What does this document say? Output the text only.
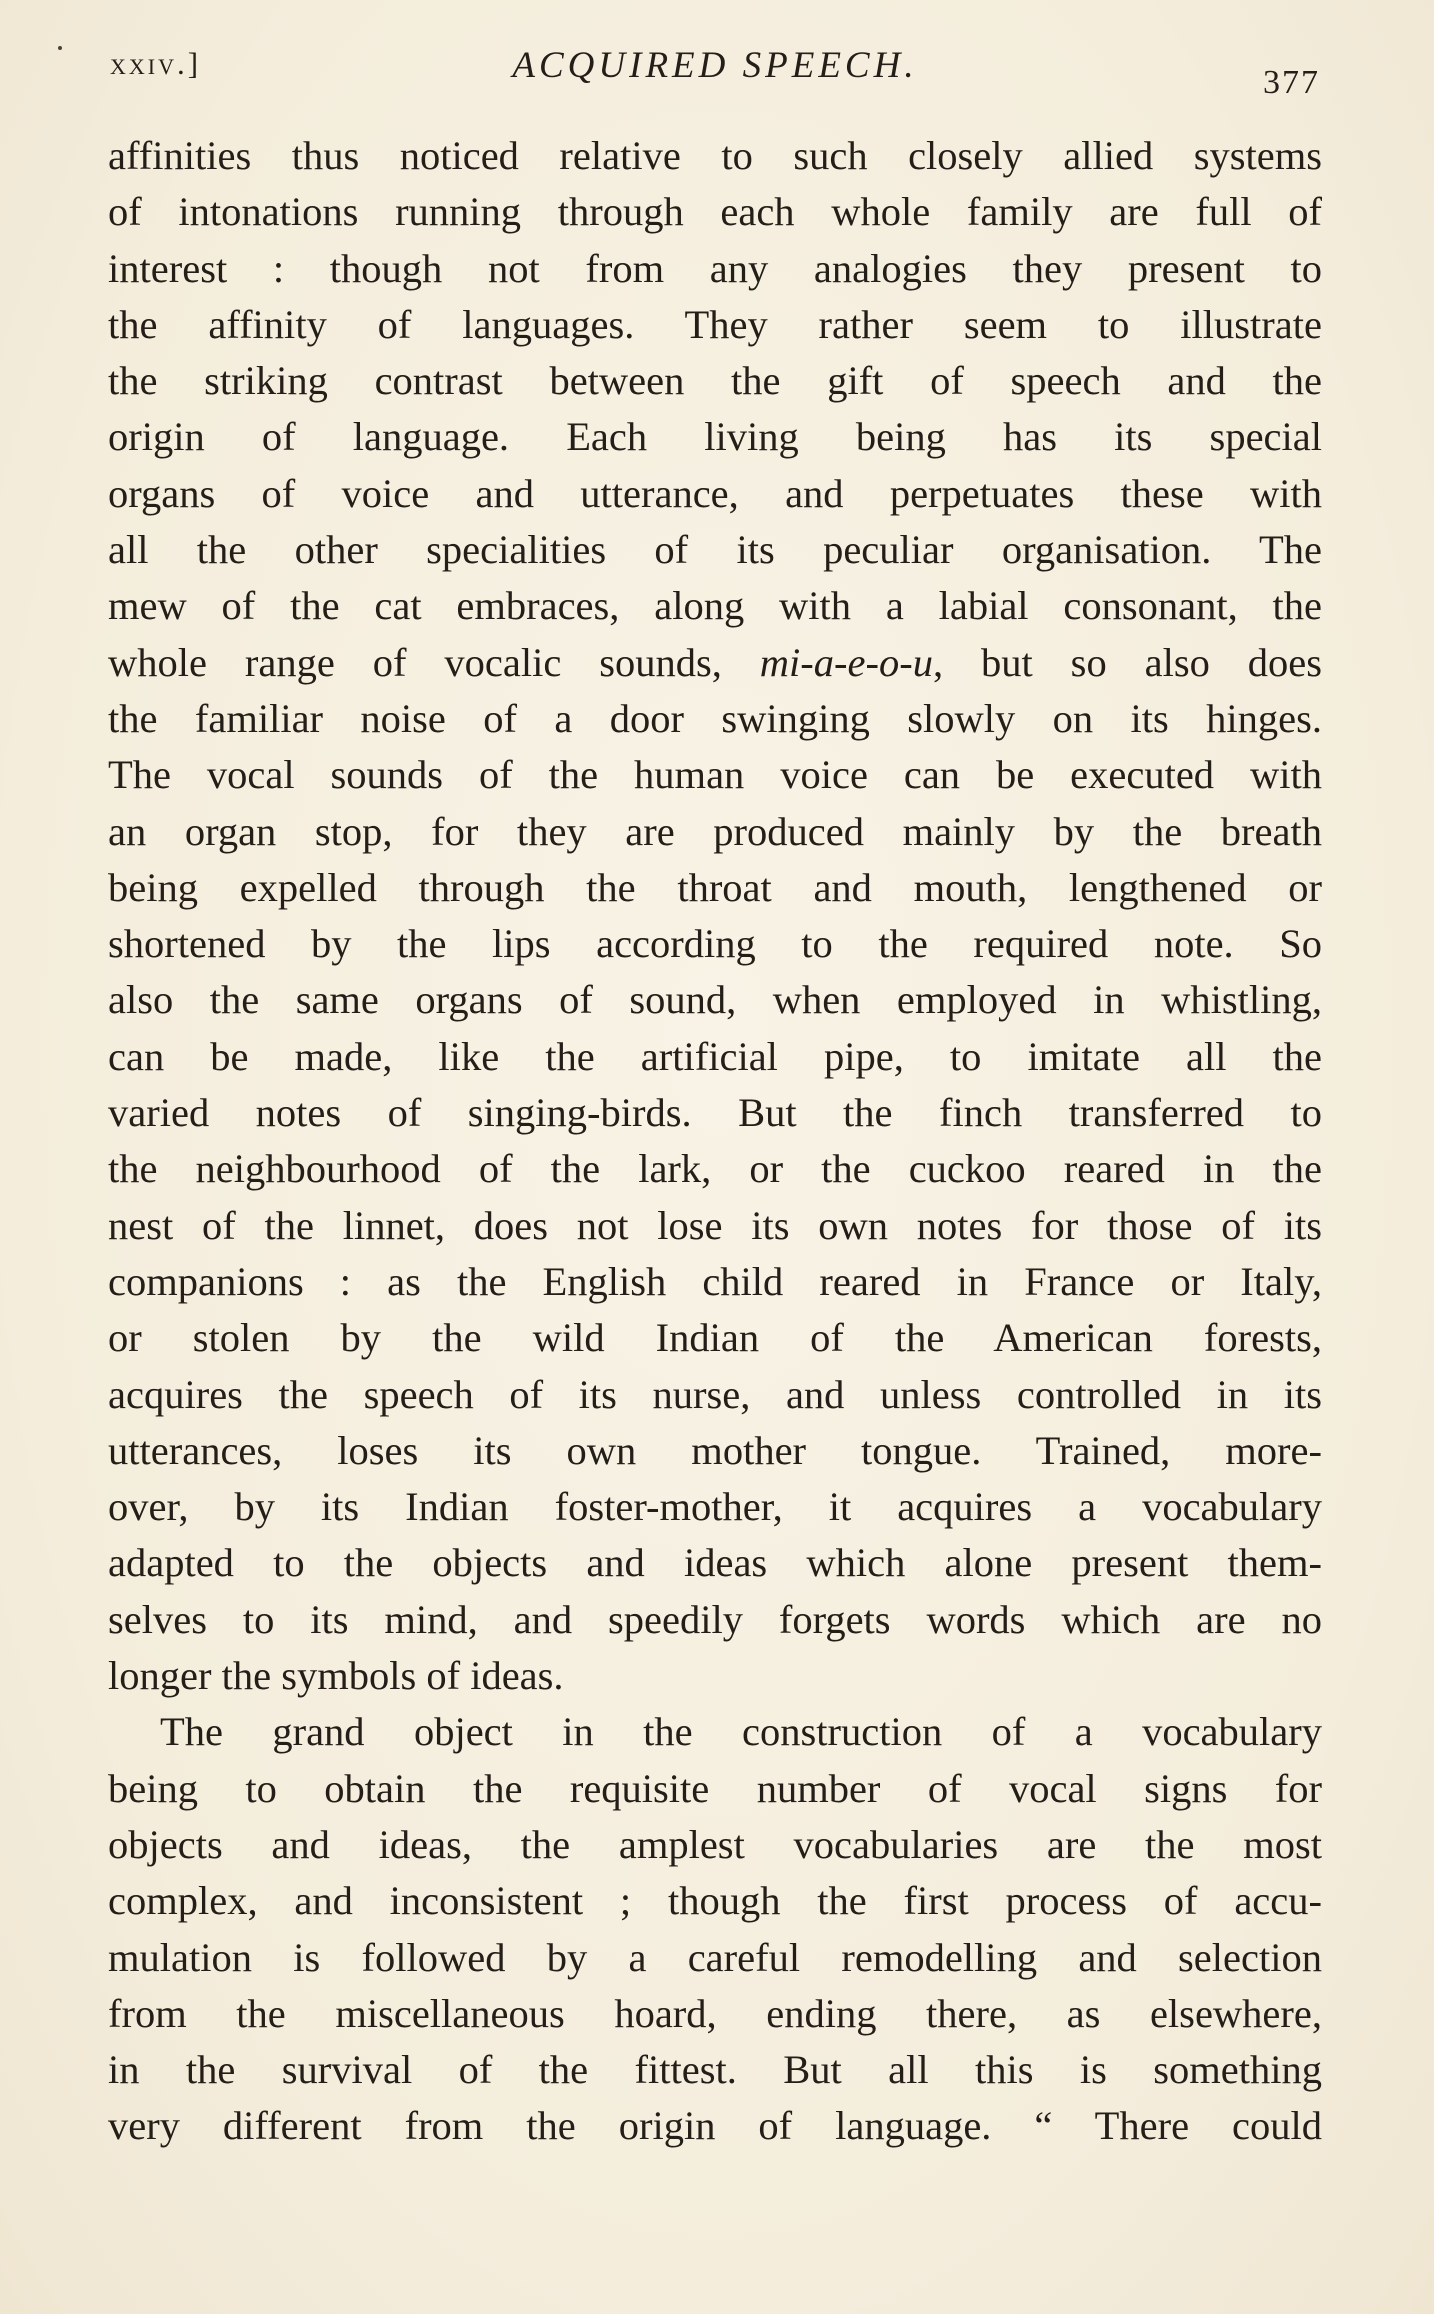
xxiv.]	ACQUIRED SPEECH.	377
affinities thus noticed relative to such closely allied systems
of intonations running through each whole family are full of
interest : though not from any analogies they present to
the affinity of languages. They rather seem to illustrate
the striking contrast between the gift of speech and the
origin of language. Each living being has its special
organs of voice and utterance, and perpetuates these with
all the other specialities of its peculiar organisation. The
mew of the cat embraces, along with a labial consonant, the
whole range of vocalic sounds, mi-a-e-o-u, but so also does
the familiar noise of a door swinging slowly on its hinges.
The vocal sounds of the human voice can be executed with
an organ stop, for they are produced mainly by the breath
being expelled through the throat and mouth, lengthened or
shortened by the lips according to the required note. So
also the same organs of sound, when employed in whistling,
can be made, like the artificial pipe, to imitate all the
varied notes of singing-birds. But the finch transferred to
the neighbourhood of the lark, or the cuckoo reared in the
nest of the linnet, does not lose its own notes for those of its
companions : as the English child reared in France or Italy,
or stolen by the wild Indian of the American forests,
acquires the speech of its nurse, and unless controlled in its
utterances, loses its own mother tongue. Trained, more-
over, by its Indian foster-mother, it acquires a vocabulary
adapted to the objects and ideas which alone present them-
selves to its mind, and speedily forgets words which are no
longer the symbols of ideas.
The grand object in the construction of a vocabulary
being to obtain the requisite number of vocal signs for
objects and ideas, the amplest vocabularies are the most
complex, and inconsistent ; though the first process of accu-
mulation is followed by a careful remodelling and selection
from the miscellaneous hoard, ending there, as elsewhere,
in the survival of the fittest. But all this is something
very different from the origin of language. “ There could
